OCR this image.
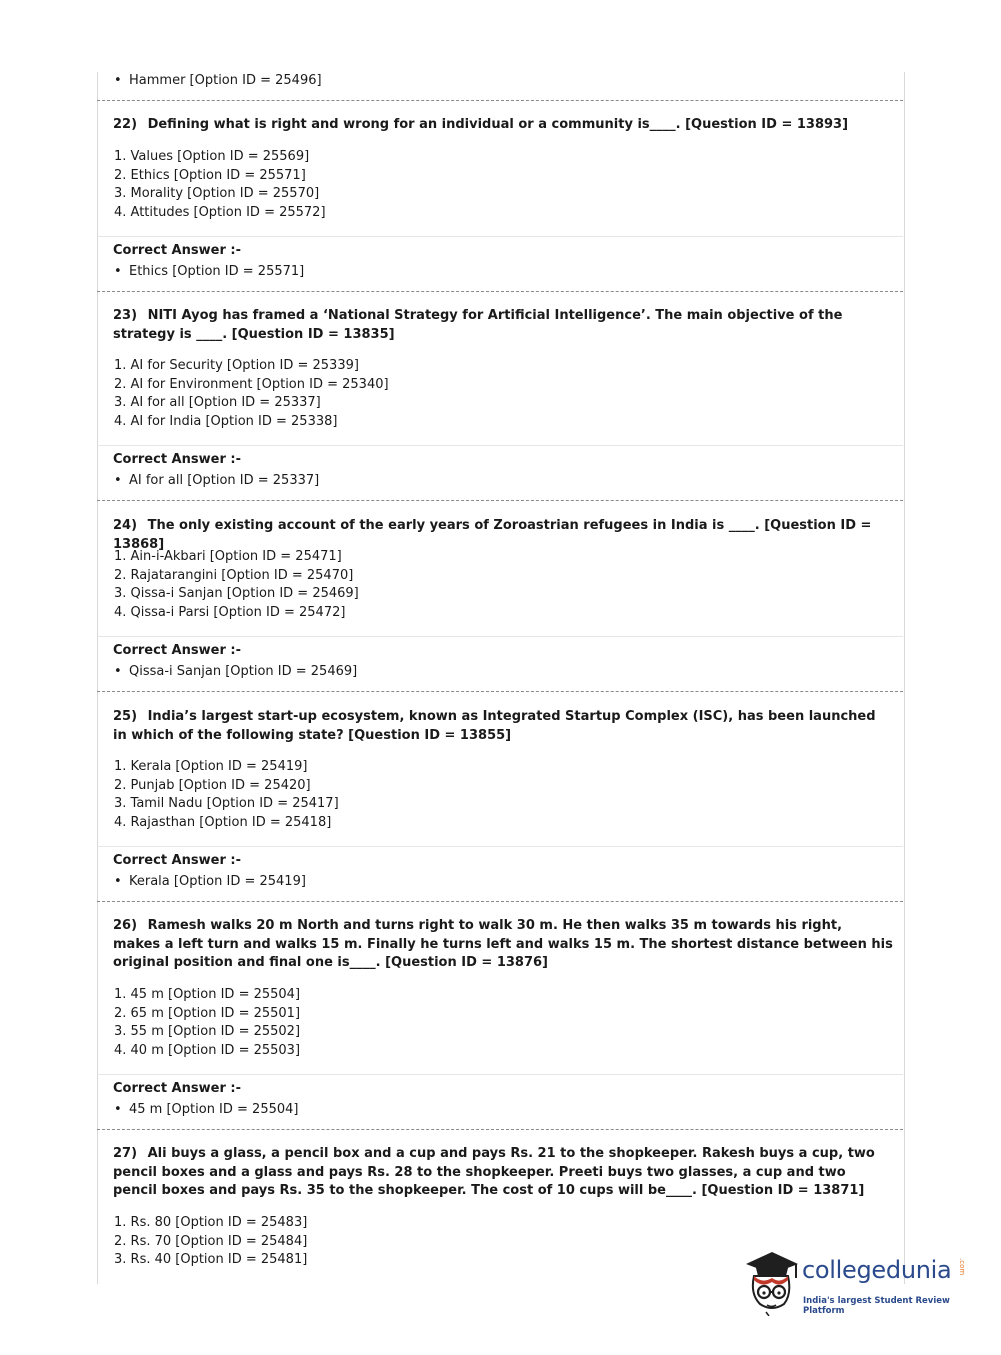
• Hammer [Option ID = 25496]
22) Defining what is right and wrong for an individual or a community is____. [Question ID = 13893]
1. Values [Option ID = 25569]
2. Ethics [Option ID = 25571]
3. Morality [Option ID = 25570]
4. Attitudes [Option ID = 25572]
Correct Answer :-
• Ethics [Option ID = 25571]
23) NITI Ayog has framed a ‘National Strategy for Artificial Intelligence’. The main objective of the strategy is ____. [Question ID = 13835]
1. AI for Security [Option ID = 25339]
2. AI for Environment [Option ID = 25340]
3. AI for all [Option ID = 25337]
4. AI for India [Option ID = 25338]
Correct Answer :-
• AI for all [Option ID = 25337]
24) The only existing account of the early years of Zoroastrian refugees in India is ____. [Question ID = 13868]
1. Ain-i-Akbari [Option ID = 25471]
2. Rajatarangini [Option ID = 25470]
3. Qissa-i Sanjan [Option ID = 25469]
4. Qissa-i Parsi [Option ID = 25472]
Correct Answer :-
• Qissa-i Sanjan [Option ID = 25469]
25) India’s largest start-up ecosystem, known as Integrated Startup Complex (ISC), has been launched in which of the following state? [Question ID = 13855]
1. Kerala [Option ID = 25419]
2. Punjab [Option ID = 25420]
3. Tamil Nadu [Option ID = 25417]
4. Rajasthan [Option ID = 25418]
Correct Answer :-
• Kerala [Option ID = 25419]
26) Ramesh walks 20 m North and turns right to walk 30 m. He then walks 35 m towards his right, makes a left turn and walks 15 m. Finally he turns left and walks 15 m. The shortest distance between his original position and final one is____. [Question ID = 13876]
1. 45 m [Option ID = 25504]
2. 65 m [Option ID = 25501]
3. 55 m [Option ID = 25502]
4. 40 m [Option ID = 25503]
Correct Answer :-
• 45 m [Option ID = 25504]
27) Ali buys a glass, a pencil box and a cup and pays Rs. 21 to the shopkeeper. Rakesh buys a cup, two pencil boxes and a glass and pays Rs. 28 to the shopkeeper. Preeti buys two glasses, a cup and two pencil boxes and pays Rs. 35 to the shopkeeper. The cost of 10 cups will be____. [Question ID = 13871]
1. Rs. 80 [Option ID = 25483]
2. Rs. 70 [Option ID = 25484]
3. Rs. 40 [Option ID = 25481]	collegedunia .com
India's largest Student Review Platform
